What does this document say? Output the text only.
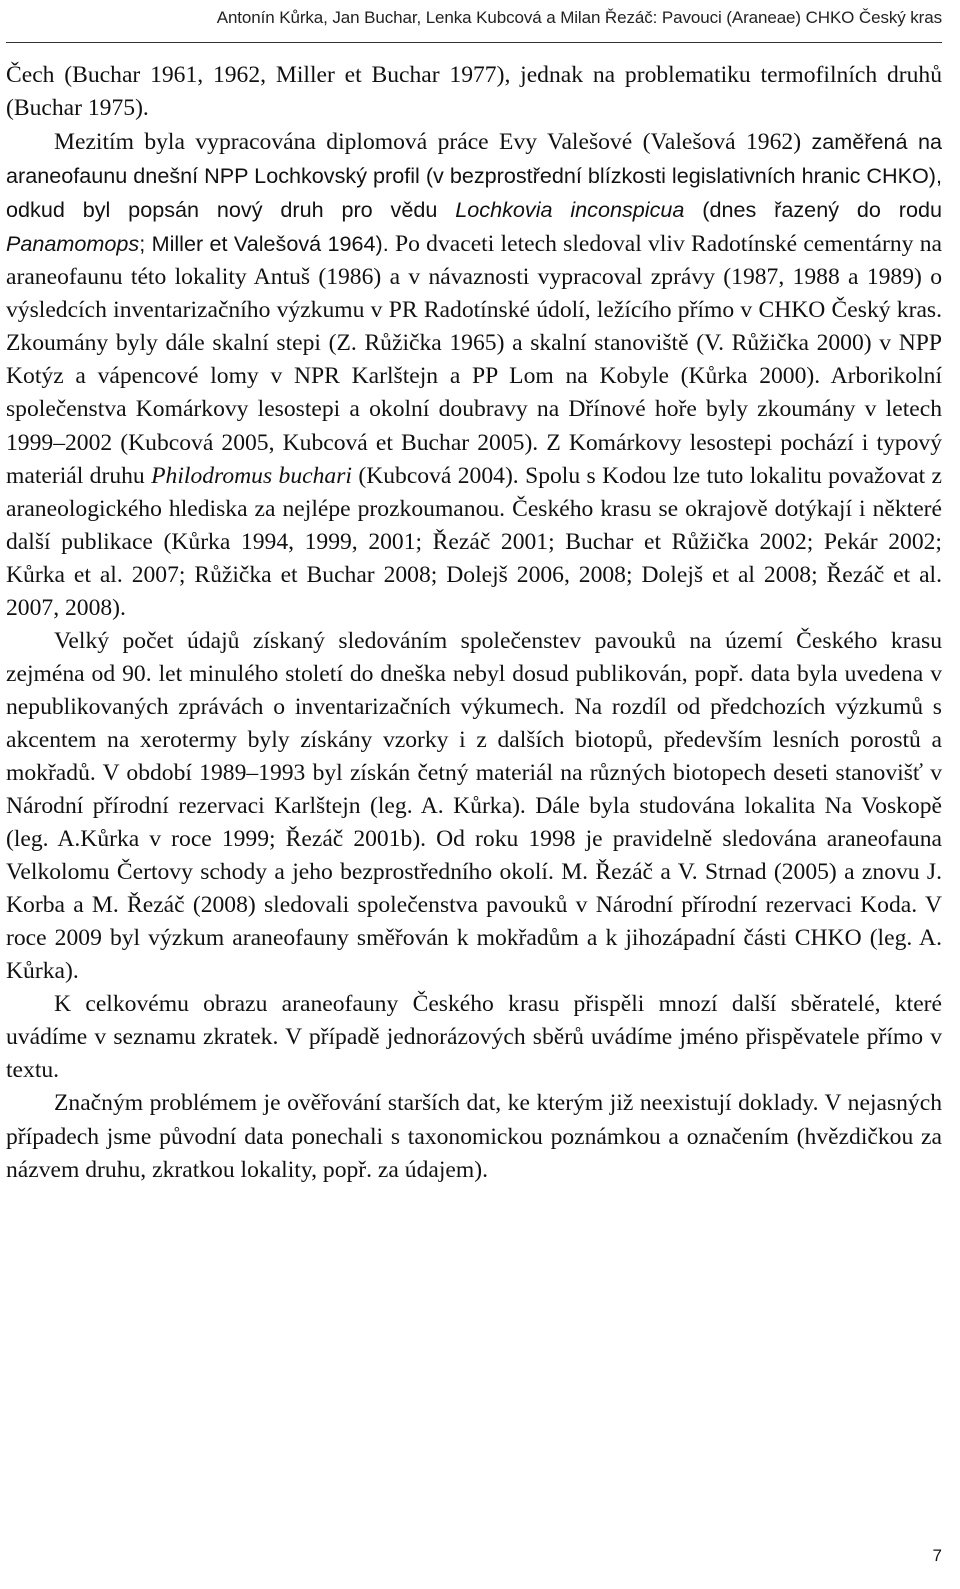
Antonín Kůrka, Jan Buchar, Lenka Kubcová a Milan Řezáč: Pavouci (Araneae) CHKO Český kras

Čech (Buchar 1961, 1962, Miller et Buchar 1977), jednak na problematiku termofilních druhů (Buchar 1975).

Mezitím byla vypracována diplomová práce Evy Valešové (Valešová 1962) zaměřená na araneofaunu dnešní NPP Lochkovský profil (v bezprostřední blízkosti legislativních hranic CHKO), odkud byl popsán nový druh pro vědu Lochkovia inconspicua (dnes řazený do rodu Panamomops; Miller et Valešová 1964). Po dvaceti letech sledoval vliv Radotínské cementárny na araneofaunu této lokality Antuš (1986) a v návaznosti vypracoval zprávy (1987, 1988 a 1989) o výsledcích inventarizačního výzkumu v PR Radotínské údolí, ležícího přímo v CHKO Český kras. Zkoumány byly dále skalní stepi (Z. Růžička 1965) a skalní stanoviště (V. Růžička 2000) v NPP Kotýz a vápencové lomy v NPR Karlštejn a PP Lom na Kobyle (Kůrka 2000). Arborikolní společenstva Komárkovy lesostepi a okolní doubravy na Dřínové hoře byly zkoumány v letech 1999–2002 (Kubcová 2005, Kubcová et Buchar 2005). Z Komárkovy lesostepi pochází i typový materiál druhu Philodromus buchari (Kubcová 2004). Spolu s Kodou lze tuto lokalitu považovat z araneologického hlediska za nejlépe prozkoumanou. Českého krasu se okrajově dotýkají i některé další publikace (Kůrka 1994, 1999, 2001; Řezáč 2001; Buchar et Růžička 2002; Pekár 2002; Kůrka et al. 2007; Růžička et Buchar 2008; Dolejš 2006, 2008; Dolejš et al 2008; Řezáč et al. 2007, 2008).

Velký počet údajů získaný sledováním společenstev pavouků na území Českého krasu zejména od 90. let minulého století do dneška nebyl dosud publikován, popř. data byla uvedena v nepublikovaných zprávách o inventarizačních výkumech. Na rozdíl od předchozích výzkumů s akcentem na xerotermy byly získány vzorky i z dalších biotopů, především lesních porostů a mokřadů. V období 1989–1993 byl získán četný materiál na různých biotopech deseti stanovišť v Národní přírodní rezervaci Karlštejn (leg. A. Kůrka). Dále byla studována lokalita Na Voskopě (leg. A.Kůrka v roce 1999; Řezáč 2001b). Od roku 1998 je pravidelně sledována araneofauna Velkolomu Čertovy schody a jeho bezprostředního okolí. M. Řezáč a V. Strnad (2005) a znovu J. Korba a M. Řezáč (2008) sledovali společenstva pavouků v Národní přírodní rezervaci Koda. V roce 2009 byl výzkum araneofauny směřován k mokřadům a k jihozápadní části CHKO (leg. A. Kůrka).

K celkovému obrazu araneofauny Českého krasu přispěli mnozí další sběratelé, které uvádíme v seznamu zkratek. V případě jednorázových sběrů uvádíme jméno přispěvatele přímo v textu.

Značným problémem je ověřování starších dat, ke kterým již neexistují doklady. V nejasných případech jsme původní data ponechali s taxonomickou poznámkou a označením (hvězdičkou za názvem druhu, zkratkou lokality, popř. za údajem).

7
